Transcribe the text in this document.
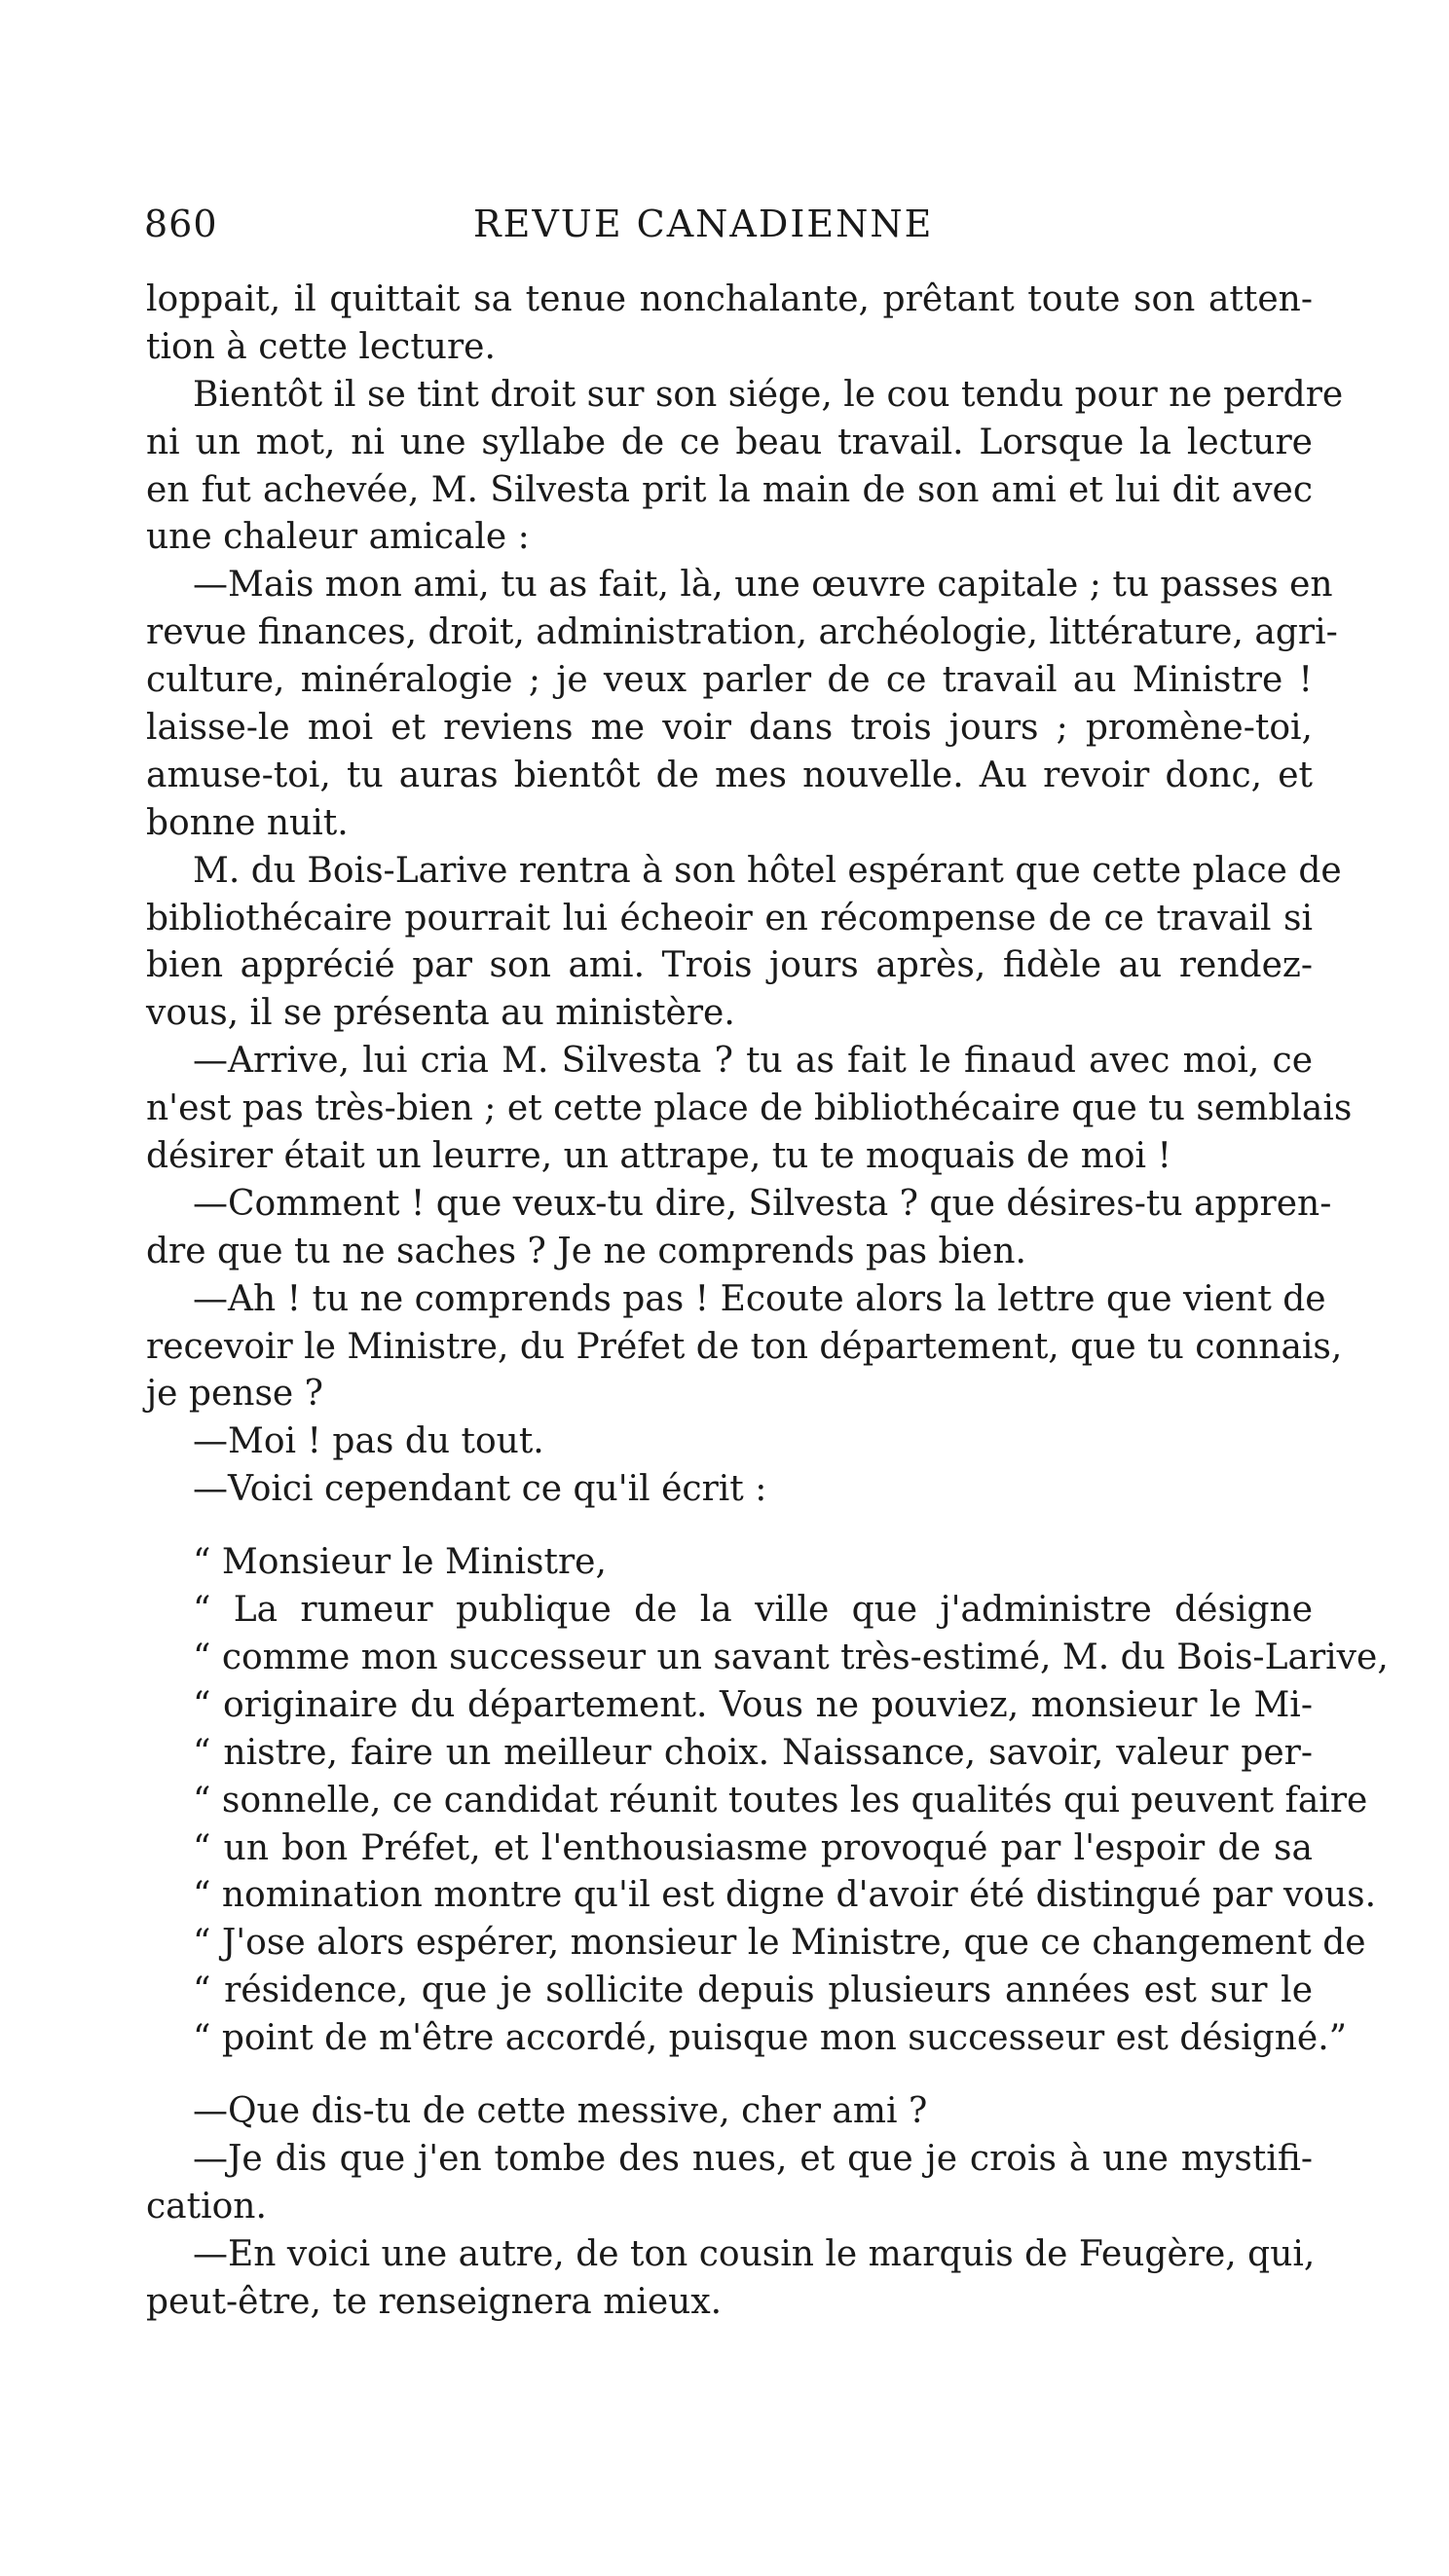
860	REVUE CANADIENNE
loppait, il quittait sa tenue nonchalante, prêtant toute son atten-
tion à cette lecture.
Bientôt il se tint droit sur son siége, le cou tendu pour ne perdre
ni un mot, ni une syllabe de ce beau travail. Lorsque la lecture
en fut achevée, M. Silvesta prit la main de son ami et lui dit avec
une chaleur amicale :
—Mais mon ami, tu as fait, là, une œuvre capitale ; tu passes en
revue finances, droit, administration, archéologie, littérature, agri-
culture, minéralogie ; je veux parler de ce travail au Ministre !
laisse-le moi et reviens me voir dans trois jours ; promène-toi,
amuse-toi, tu auras bientôt de mes nouvelle. Au revoir donc, et
bonne nuit.
M. du Bois-Larive rentra à son hôtel espérant que cette place de
bibliothécaire pourrait lui écheoir en récompense de ce travail si
bien apprécié par son ami. Trois jours après, fidèle au rendez-
vous, il se présenta au ministère.
—Arrive, lui cria M. Silvesta ? tu as fait le finaud avec moi, ce
n'est pas très-bien ; et cette place de bibliothécaire que tu semblais
désirer était un leurre, un attrape, tu te moquais de moi !
—Comment ! que veux-tu dire, Silvesta ? que désires-tu appren-
dre que tu ne saches ? Je ne comprends pas bien.
—Ah ! tu ne comprends pas ! Ecoute alors la lettre que vient de
recevoir le Ministre, du Préfet de ton département, que tu connais,
je pense ?
—Moi ! pas du tout.
—Voici cependant ce qu'il écrit :
“ Monsieur le Ministre,
“ La rumeur publique de la ville que j'administre désigne
“ comme mon successeur un savant très-estimé, M. du Bois-Larive,
“ originaire du département. Vous ne pouviez, monsieur le Mi-
“ nistre, faire un meilleur choix. Naissance, savoir, valeur per-
“ sonnelle, ce candidat réunit toutes les qualités qui peuvent faire
“ un bon Préfet, et l'enthousiasme provoqué par l'espoir de sa
“ nomination montre qu'il est digne d'avoir été distingué par vous.
“ J'ose alors espérer, monsieur le Ministre, que ce changement de
“ résidence, que je sollicite depuis plusieurs années est sur le
“ point de m'être accordé, puisque mon successeur est désigné.”
—Que dis-tu de cette messive, cher ami ?
—Je dis que j'en tombe des nues, et que je crois à une mystifi-
cation.
—En voici une autre, de ton cousin le marquis de Feugère, qui,
peut-être, te renseignera mieux.
